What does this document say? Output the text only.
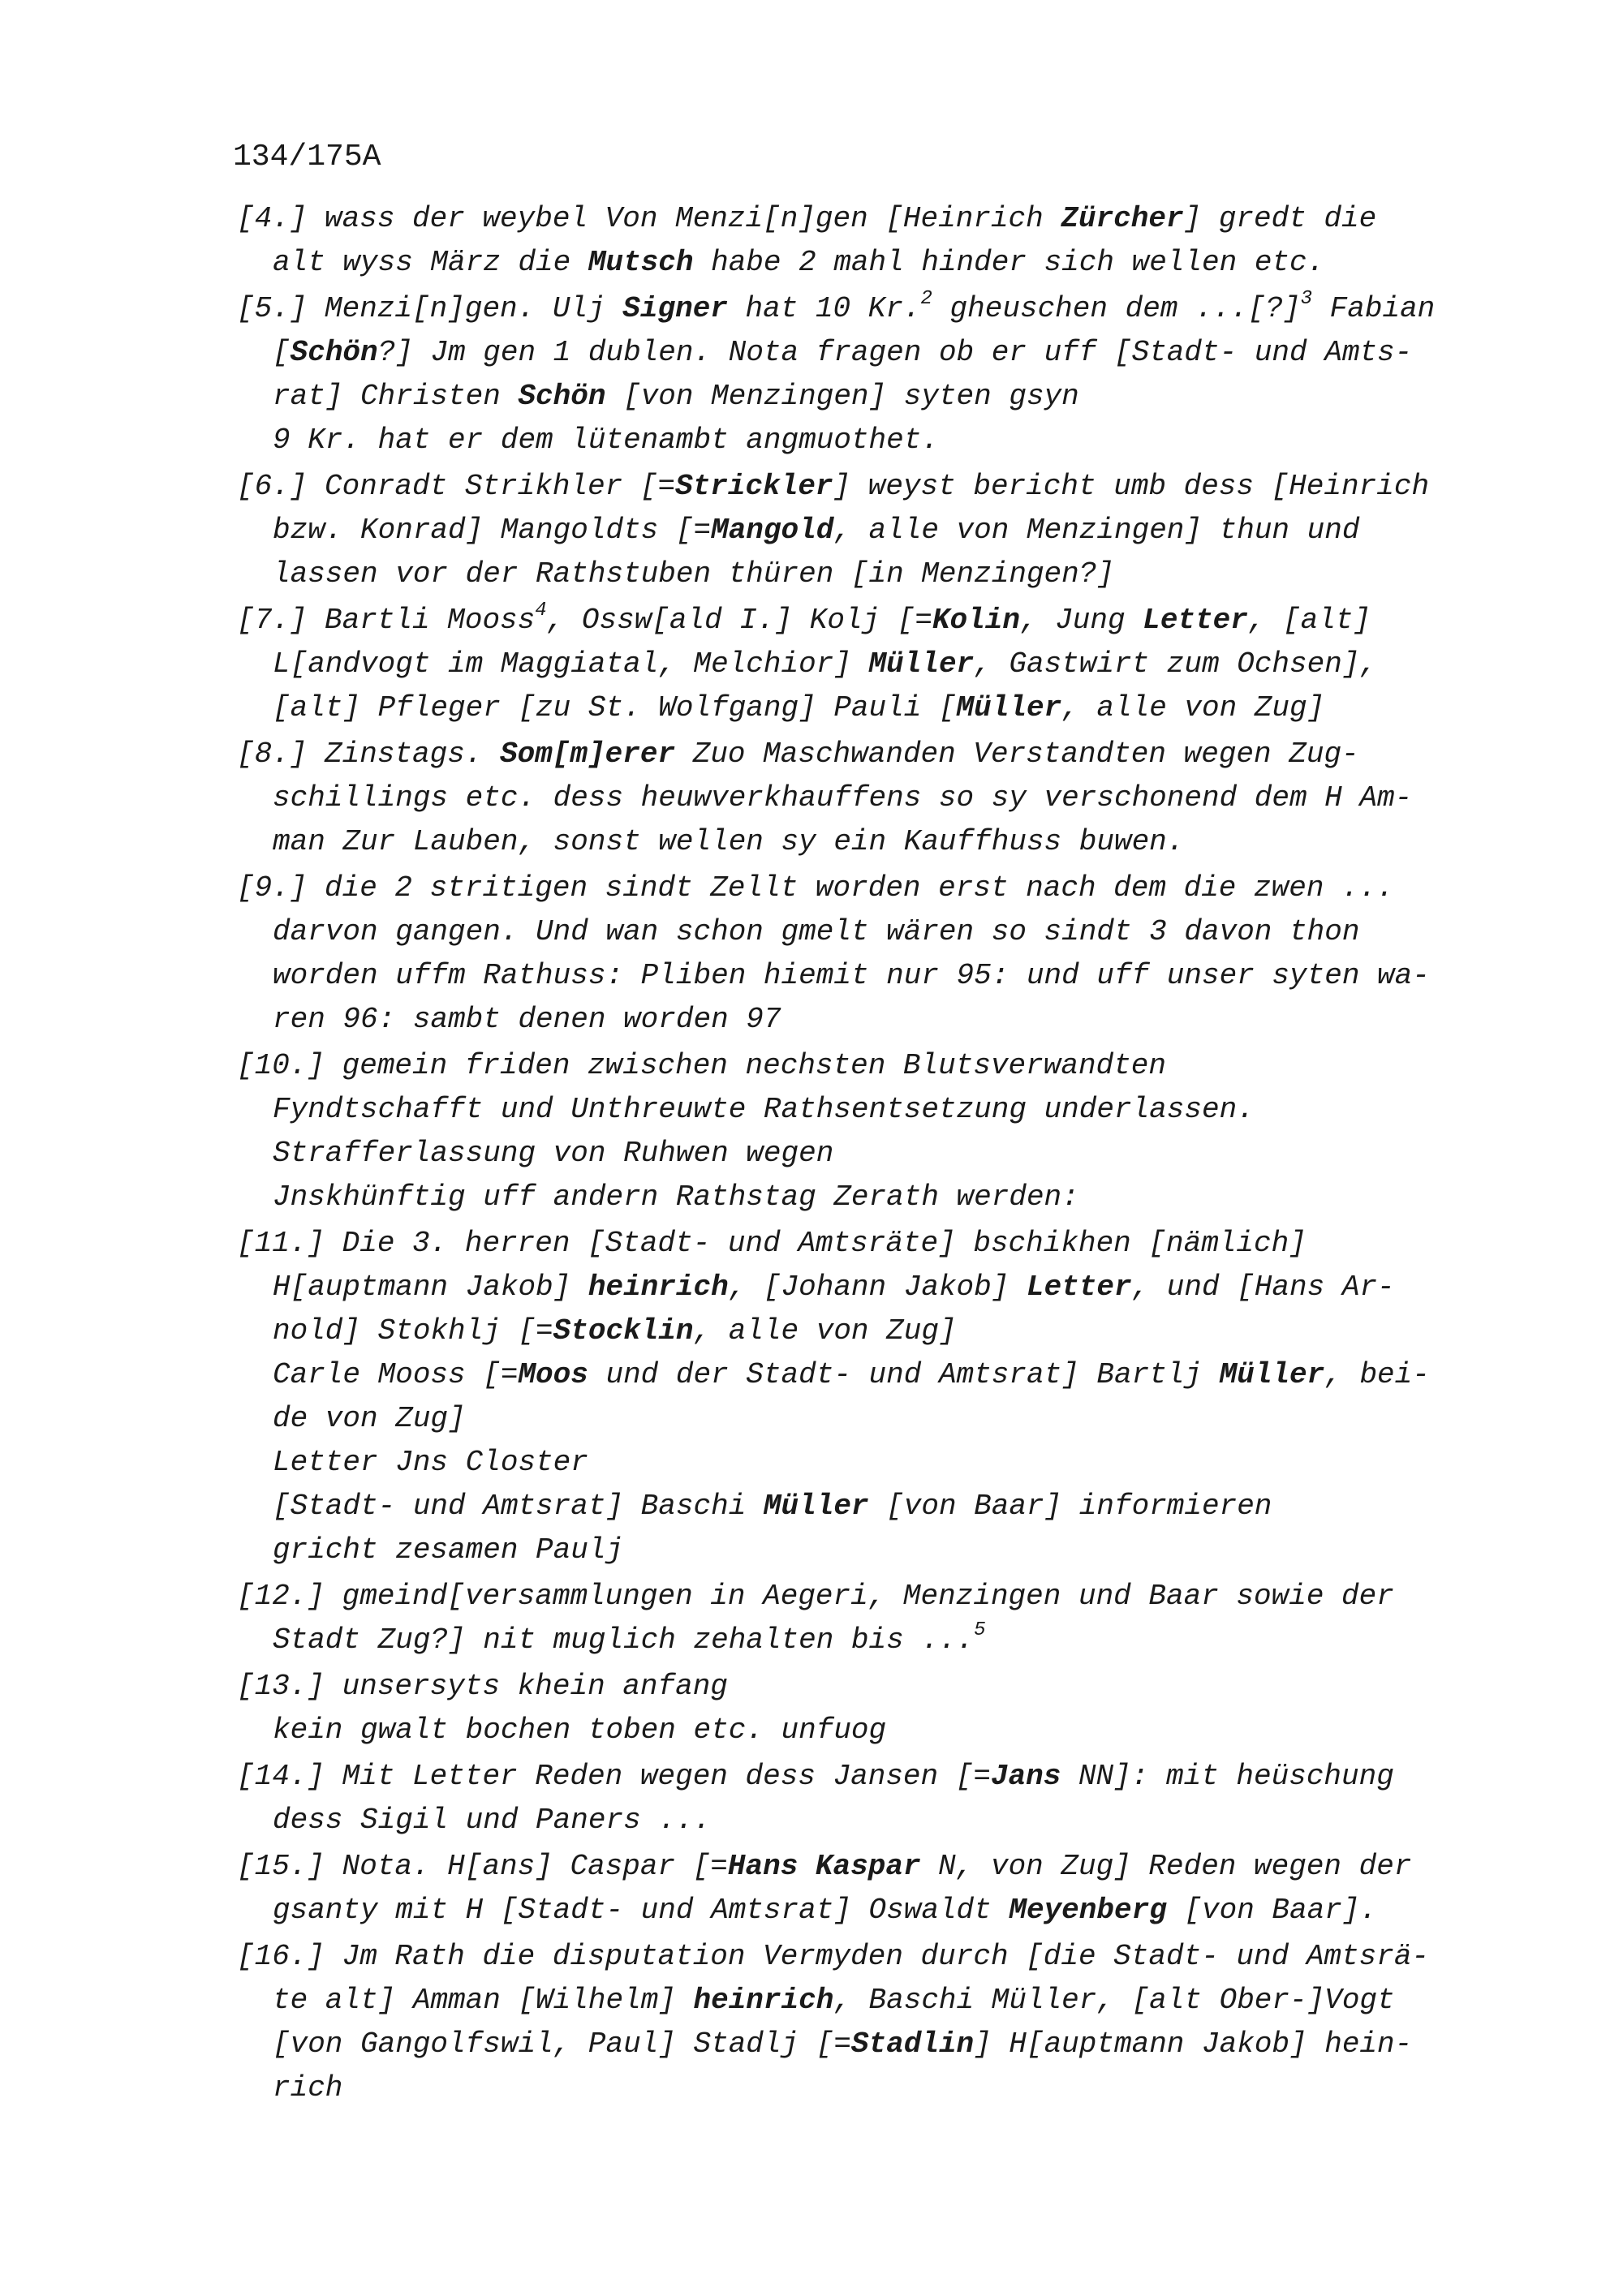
134/175A
[4.] wass der weybel Von Menzi[n]gen [Heinrich Zürcher] gredt die
alt wyss März die Mutsch habe 2 mahl hinder sich wellen etc.
[5.] Menzi[n]gen. Ulj Signer hat 10 Kr.$^2$ gheuschen dem ...[?]$^3$ Fabian
[Schön?] Jm gen 1 dublen. Nota fragen ob er uff [Stadt- und Amts-
rat] Christen Schön [von Menzingen] syten gsyn
9 Kr. hat er dem lütenambt angmuothet.
[6.] Conradt Strikhler [=Strickler] weyst bericht umb dess [Heinrich
bzw. Konrad] Mangoldts [=Mangold, alle von Menzingen] thun und
lassen vor der Rathstuben thüren [in Menzingen?]
[7.] Bartli Mooss$^4$, Ossw[ald I.] Kolj [=Kolin, Jung Letter, [alt]
L[andvogt im Maggiatal, Melchior] Müller, Gastwirt zum Ochsen],
[alt] Pfleger [zu St. Wolfgang] Pauli [Müller, alle von Zug]
[8.] Zinstags. Som[m]erer Zuo Maschwanden Verstandten wegen Zug-
schillings etc. dess heuwverkhauffens so sy verschonend dem H Am-
man Zur Lauben, sonst wellen sy ein Kauffhuss buwen.
[9.] die 2 stritigen sindt Zellt worden erst nach dem die zwen ...
darvon gangen. Und wan schon gmelt wären so sindt 3 davon thon
worden uffm Rathuss: Pliben hiemit nur 95: und uff unser syten wa-
ren 96: sambt denen worden 97
[10.] gemein friden zwischen nechsten Blutsverwandten
Fyndtschafft und Unthreuwte Rathsentsetzung underlassen.
Strafferlassung von Ruhwen wegen
Jnskhünftig uff andern Rathstag Zerath werden:
[11.] Die 3. herren [Stadt- und Amtsräte] bschikhen [nämlich]
H[auptmann Jakob] heinrich, [Johann Jakob] Letter, und [Hans Ar-
nold] Stokhlj [=Stocklin, alle von Zug]
Carle Mooss [=Moos und der Stadt- und Amtsrat] Bartlj Müller, bei-
de von Zug]
Letter Jns Closter
[Stadt- und Amtsrat] Baschi Müller [von Baar] informieren
gricht zesamen Paulj
[12.] gmeind[versammlungen in Aegeri, Menzingen und Baar sowie der
Stadt Zug?] nit muglich zehalten bis ...$^5$
[13.] unsersyts khein anfang
kein gwalt bochen toben etc. unfuog
[14.] Mit Letter Reden wegen dess Jansen [=Jans NN]: mit heüschung
dess Sigil und Paners ...
[15.] Nota. H[ans] Caspar [=Hans Kaspar N, von Zug] Reden wegen der
gsanty mit H [Stadt- und Amtsrat] Oswaldt Meyenberg [von Baar].
[16.] Jm Rath die disputation Vermyden durch [die Stadt- und Amtsrä-
te alt] Amman [Wilhelm] heinrich, Baschi Müller, [alt Ober-]Vogt
[von Gangolfswil, Paul] Stadlj [=Stadlin] H[auptmann Jakob] hein-
rich
